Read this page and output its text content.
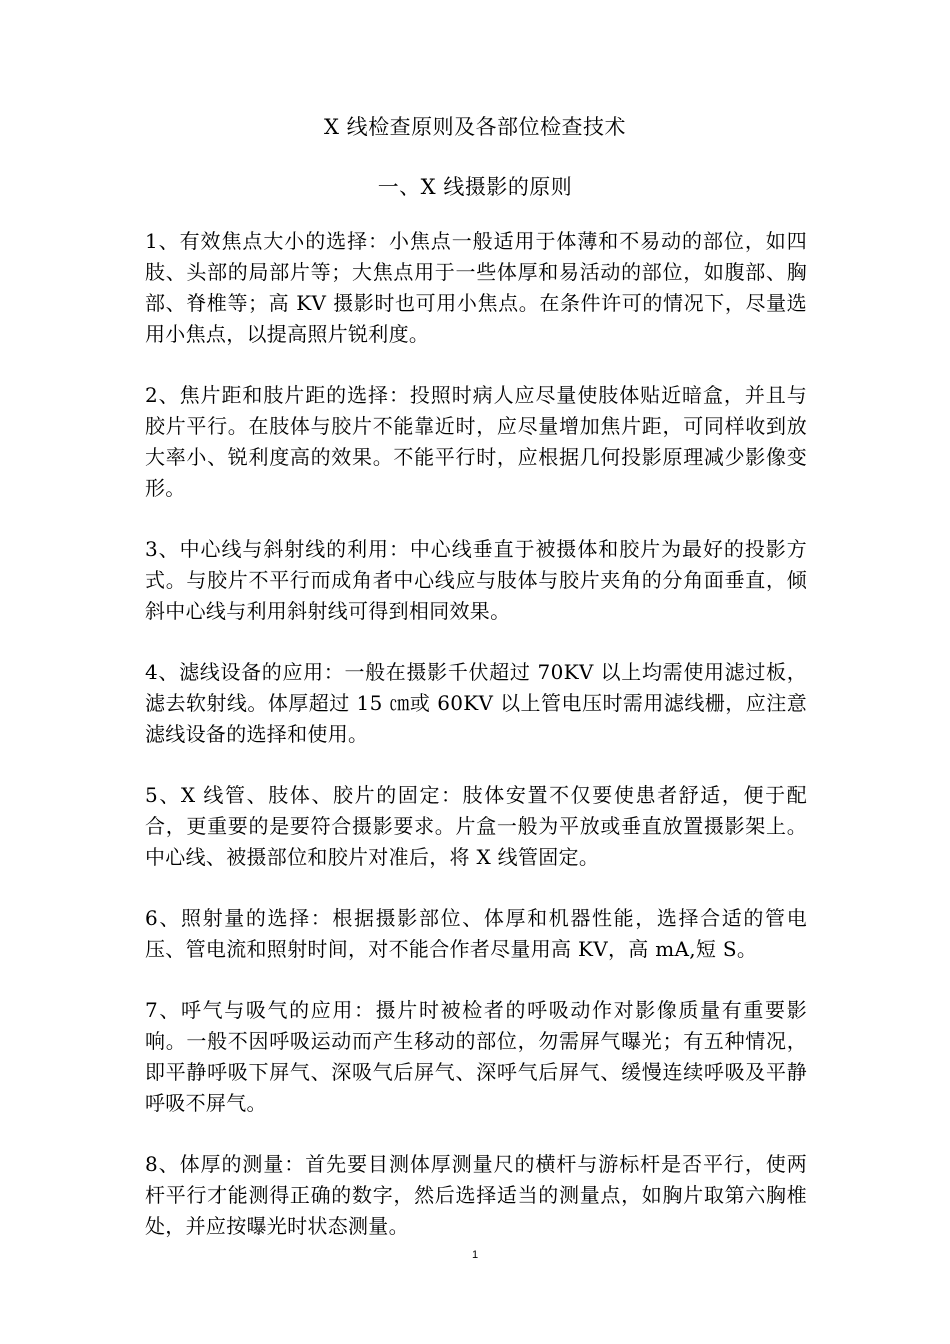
X 线检查原则及各部位检查技术
一、X 线摄影的原则

1、有效焦点大小的选择：小焦点一般适用于体薄和不易动的部位，如四肢、头部的局部片等；大焦点用于一些体厚和易活动的部位，如腹部、胸部、脊椎等；高 KV 摄影时也可用小焦点。在条件许可的情况下，尽量选用小焦点，以提高照片锐利度。

2、焦片距和肢片距的选择：投照时病人应尽量使肢体贴近暗盒，并且与胶片平行。在肢体与胶片不能靠近时，应尽量增加焦片距，可同样收到放大率小、锐利度高的效果。不能平行时，应根据几何投影原理减少影像变形。

3、中心线与斜射线的利用：中心线垂直于被摄体和胶片为最好的投影方式。与胶片不平行而成角者中心线应与肢体与胶片夹角的分角面垂直，倾斜中心线与利用斜射线可得到相同效果。

4、滤线设备的应用：一般在摄影千伏超过 70KV 以上均需使用滤过板，滤去软射线。体厚超过 15 ㎝或 60KV 以上管电压时需用滤线栅，应注意滤线设备的选择和使用。

5、X 线管、肢体、胶片的固定：肢体安置不仅要使患者舒适，便于配合，更重要的是要符合摄影要求。片盒一般为平放或垂直放置摄影架上。中心线、被摄部位和胶片对准后，将 X 线管固定。

6、照射量的选择：根据摄影部位、体厚和机器性能，选择合适的管电压、管电流和照射时间，对不能合作者尽量用高 KV，高 mA,短 S。

7、呼气与吸气的应用：摄片时被检者的呼吸动作对影像质量有重要影响。一般不因呼吸运动而产生移动的部位，勿需屏气曝光；有五种情况，即平静呼吸下屏气、深吸气后屏气、深呼气后屏气、缓慢连续呼吸及平静呼吸不屏气。

8、体厚的测量：首先要目测体厚测量尺的横杆与游标杆是否平行，使两杆平行才能测得正确的数字，然后选择适当的测量点，如胸片取第六胸椎处，并应按曝光时状态测量。

1
